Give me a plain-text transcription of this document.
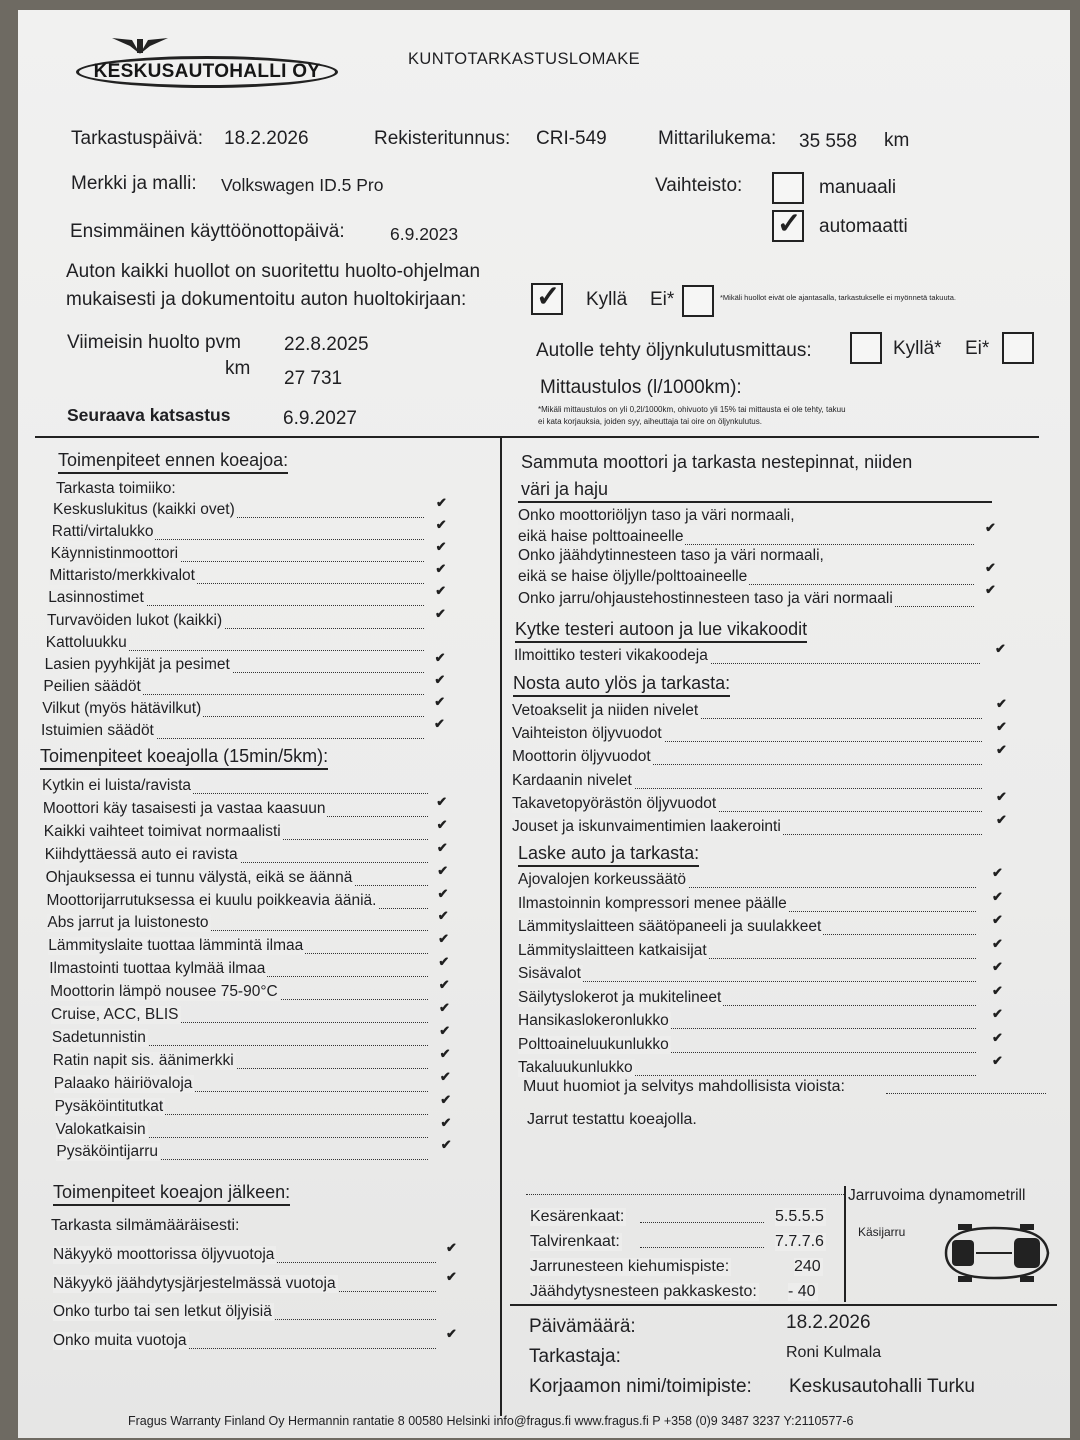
KESKUSAUTOHALLI OY
KUNTOTARKASTUSLOMAKE
Tarkastuspäivä: 18.2.2026	Rekisteritunnus: CRI-549	Mittarilukema: 35 558 km
Merkki ja malli: Volkswagen ID.5 Pro	Vaihteisto:	manuaali
✓ automaatti
Ensimmäinen käyttöönottopäivä:	6.9.2023
Auton kaikki huollot on suoritettu huolto-ohjelman
mukaisesti ja dokumentoitu auton huoltokirjaan: ✓ Kyllä Ei*	*Mikäli huollot eivät ole ajantasalla, tarkastukselle ei myönnetä takuuta.
Viimeisin huolto pvm 22.8.2025
km 27 731
Seuraava katsastus	6.9.2027
Autolle tehty öljynkulutusmittaus:	Kyllä* Ei*
Mittaustulos (l/1000km):
*Mikäli mittaustulos on yli 0,2l/1000km, ohivuoto yli 15% tai mittausta ei ole tehty, takuu
ei kata korjauksia, joiden syy, aiheuttaja tai oire on öljynkulutus.
Toimenpiteet ennen koeajoa:
Tarkasta toimiiko:
Toimenpiteet koeajolla (15min/5km):
Toimenpiteet koeajon jälkeen:
Tarkasta silmämääräisesti:
Sammuta moottori ja tarkasta nestepinnat, niiden
väri ja haju
Kytke testeri autoon ja lue vikakoodit
Nosta auto ylös ja tarkasta:
Laske auto ja tarkasta:
Muut huomiot ja selvitys mahdollisista vioista:
Jarrut testattu koeajolla.
Jarruvoima dynamometrill
Käsijarru
Päivämäärä:	18.2.2026
Tarkastaja:	Roni Kulmala
Korjaamon nimi/toimipiste: Keskusautohalli Turku
Fragus Warranty Finland Oy Hermannin rantatie 8 00580 Helsinki info@fragus.fi www.fragus.fi P +358 (0)9 3487 3237 Y:2110577-6
Keskuslukitus (kaikki ovet)	✔
Ratti/virtalukko	✔
Käynnistinmoottori	✔
Mittaristo/merkkivalot	✔
Lasinnostimet	✔
Turvavöiden lukot (kaikki)	✔
Kattoluukku
Lasien pyyhkijät ja pesimet	✔
Peilien säädöt	✔
Vilkut (myös hätävilkut)	✔
Istuimien säädöt	✔
Kytkin ei luista/ravista
Moottori käy tasaisesti ja vastaa kaasuun	✔
Kaikki vaihteet toimivat normaalisti	✔
Kiihdyttäessä auto ei ravista	✔
Ohjauksessa ei tunnu välystä, eikä se äännä	✔
Moottorijarrutuksessa ei kuulu poikkeavia ääniä.	✔
Abs jarrut ja luistonesto	✔
Lämmityslaite tuottaa lämmintä ilmaa	✔
Ilmastointi tuottaa kylmää ilmaa	✔
Moottorin lämpö nousee 75-90°C	✔
Cruise, ACC, BLIS	✔
Sadetunnistin	✔
Ratin napit sis. äänimerkki	✔
Palaako häiriövaloja	✔
Pysäköintitutkat	✔
Valokatkaisin	✔
Pysäköintijarru	✔
Näkyykö moottorissa öljyvuotoja	✔
Näkyykö jäähdytysjärjestelmässä vuotoja	✔
Onko turbo tai sen letkut öljyisiä
Onko muita vuotoja	✔
Ilmoittiko testeri vikakoodeja	✔
Vetoakselit ja niiden nivelet	✔
Vaihteiston öljyvuodot	✔
Moottorin öljyvuodot	✔
Kardaanin nivelet
Takavetopyörästön öljyvuodot	✔
Jouset ja iskunvaimentimien laakerointi	✔
Ajovalojen korkeussäätö	✔
Ilmastoinnin kompressori menee päälle	✔
Lämmityslaitteen säätöpaneeli ja suulakkeet	✔
Lämmityslaitteen katkaisijat	✔
Sisävalot	✔
Säilytyslokerot ja mukitelineet	✔
Hansikaslokeronlukko	✔
Polttoaineluukunlukko	✔
Takaluukunlukko	✔
Onko moottoriöljyn taso ja väri normaali,
eikä haise polttoaineelle
✔
Onko jäähdytinnesteen taso ja väri normaali,
eikä se haise öljylle/polttoaineelle
✔
Onko jarru/ohjaustehostinnesteen taso ja väri normaali
✔
Kesärenkaat:	5.5.5.5
Talvirenkaat:	7.7.7.6
Jarrunesteen kiehumispiste:	240
Jäähdytysnesteen pakkaskesto: - 40
